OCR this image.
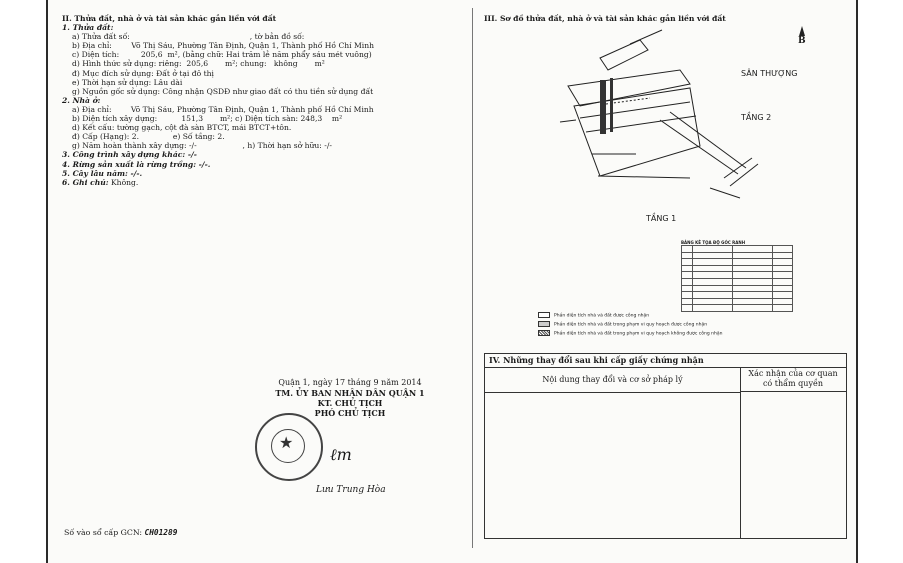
II. Thửa đất, nhà ở và tài sản khác gắn liền với đất
1. Thửa đất:
a) Thửa đất số:	, tờ bản đồ số:
b) Địa chỉ:	Võ Thị Sáu, Phường Tân Định, Quận 1, Thành phố Hồ Chí Minh
c) Diện tích:	205,6 m², (bằng chữ: Hai trăm lẻ năm phẩy sáu mét vuông)
d) Hình thức sử dụng: riêng: 205,6 m²; chung: không m²
đ) Mục đích sử dụng: Đất ở tại đô thị
e) Thời hạn sử dụng: Lâu dài
g) Nguồn gốc sử dụng: Công nhận QSDĐ như giao đất có thu tiền sử dụng đất
2. Nhà ở:
a) Địa chỉ:	Võ Thị Sáu, Phường Tân Định, Quận 1, Thành phố Hồ Chí Minh
b) Diện tích xây dựng:	151,3 m²; c) Diện tích sàn: 248,3 m²
d) Kết cấu: tường gạch, cột đà sàn BTCT, mái BTCT+tôn.
đ) Cấp (Hạng): 2.	e) Số tầng: 2.
g) Năm hoàn thành xây dựng: -/-	, h) Thời hạn sở hữu: -/-
3. Công trình xây dựng khác: -/-
4. Rừng sản xuất là rừng trồng: -/-.
5. Cây lâu năm: -/-.
6. Ghi chú: Không.
Quận 1, ngày 17 tháng 9 năm 2014
TM. ỦY BAN NHÂN DÂN QUẬN 1
KT. CHỦ TỊCH
PHÓ CHỦ TỊCH
★
ℓm
Lưu Trung Hòa
Số vào sổ cấp GCN: CH01289
III. Sơ đồ thửa đất, nhà ở và tài sản khác gắn liền với đất
B
SÂN THƯỢNG
TẦNG 2
TẦNG 1
BẢNG KÊ TỌA ĐỘ GÓC RANH

Phần diện tích nhà và đất được công nhận
Phần diện tích nhà và đất trong phạm vi quy hoạch được công nhận
Phần diện tích nhà và đất trong phạm vi quy hoạch không được công nhận
IV. Những thay đổi sau khi cấp giấy chứng nhận
Nội dung thay đổi và cơ sở pháp lý
Xác nhận của cơ quan
có thẩm quyền
